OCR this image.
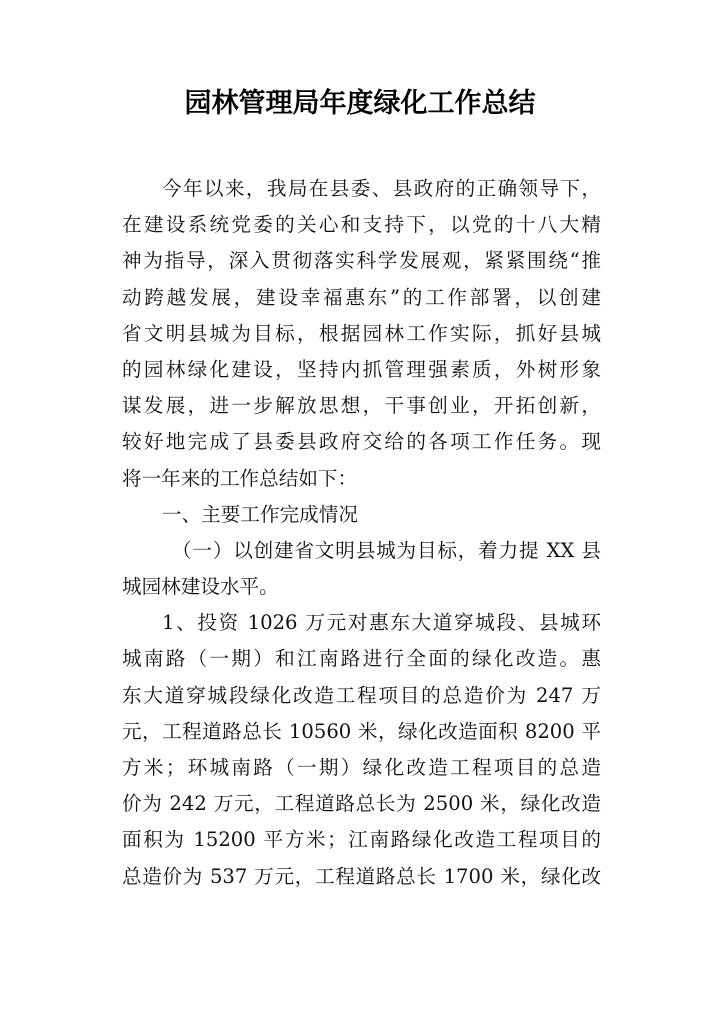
园林管理局年度绿化工作总结
今年以来，我局在县委、县政府的正确领导下，
在建设系统党委的关心和支持下，以党的十八大精
神为指导，深入贯彻落实科学发展观，紧紧围绕“推
动跨越发展，建设幸福惠东”的工作部署，以创建
省文明县城为目标，根据园林工作实际，抓好县城
的园林绿化建设，坚持内抓管理强素质，外树形象
谋发展，进一步解放思想，干事创业，开拓创新，
较好地完成了县委县政府交给的各项工作任务。现
将一年来的工作总结如下：
一、主要工作完成情况
（一）以创建省文明县城为目标，着力提 XX 县
城园林建设水平。
1、投资 1026 万元对惠东大道穿城段、县城环
城南路（一期）和江南路进行全面的绿化改造。惠
东大道穿城段绿化改造工程项目的总造价为 247 万
元，工程道路总长 10560 米，绿化改造面积 8200 平
方米；环城南路（一期）绿化改造工程项目的总造
价为 242 万元，工程道路总长为 2500 米，绿化改造
面积为 15200 平方米；江南路绿化改造工程项目的
总造价为 537 万元，工程道路总长 1700 米，绿化改
